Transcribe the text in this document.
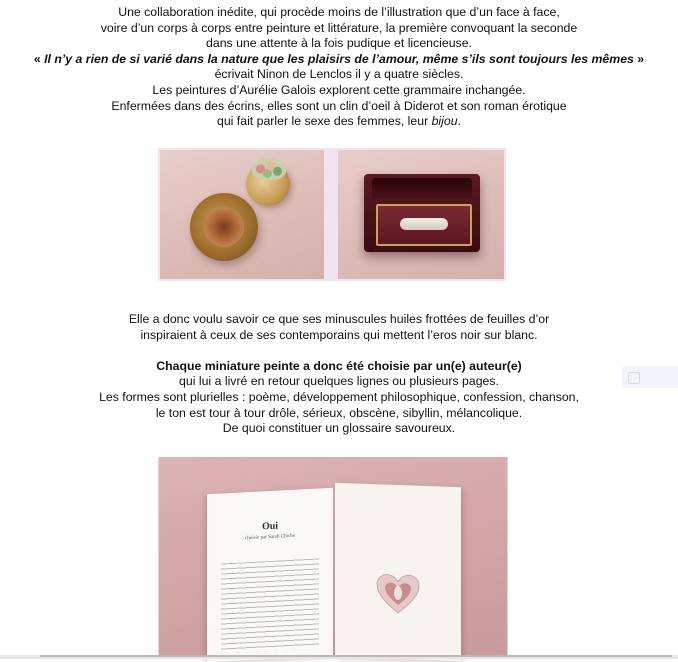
Une collaboration inédite, qui procède moins de l’illustration que d’un face à face,

voire d’un corps à corps entre peinture et littérature, la première convoquant la seconde

dans une attente à la fois pudique et licencieuse.

« Il n’y a rien de si varié dans la nature que les plaisirs de l’amour, même s’ils sont toujours les mêmes »

écrivait Ninon de Lenclos il y a quatre siècles.

Les peintures d’Aurélie Galois explorent cette grammaire inchangée.

Enfermées dans des écrins, elles sont un clin d’oeil à Diderot et son roman érotique

qui fait parler le sexe des femmes, leur bijou.

Elle a donc voulu savoir ce que ses minuscules huiles frottées de feuilles d’or

inspiraient à ceux de ses contemporains qui mettent l’eros noir sur blanc.

Chaque miniature peinte a donc été choisie par un(e) auteur(e)

qui lui a livré en retour quelques lignes ou plusieurs pages.

Les formes sont plurielles : poème, développement philosophique, confession, chanson,

le ton est tour à tour drôle, sérieux, obscène, sibyllin, mélancolique.

De quoi constituer un glossaire savoureux.

Oui
choisie par Sarah Chiche
